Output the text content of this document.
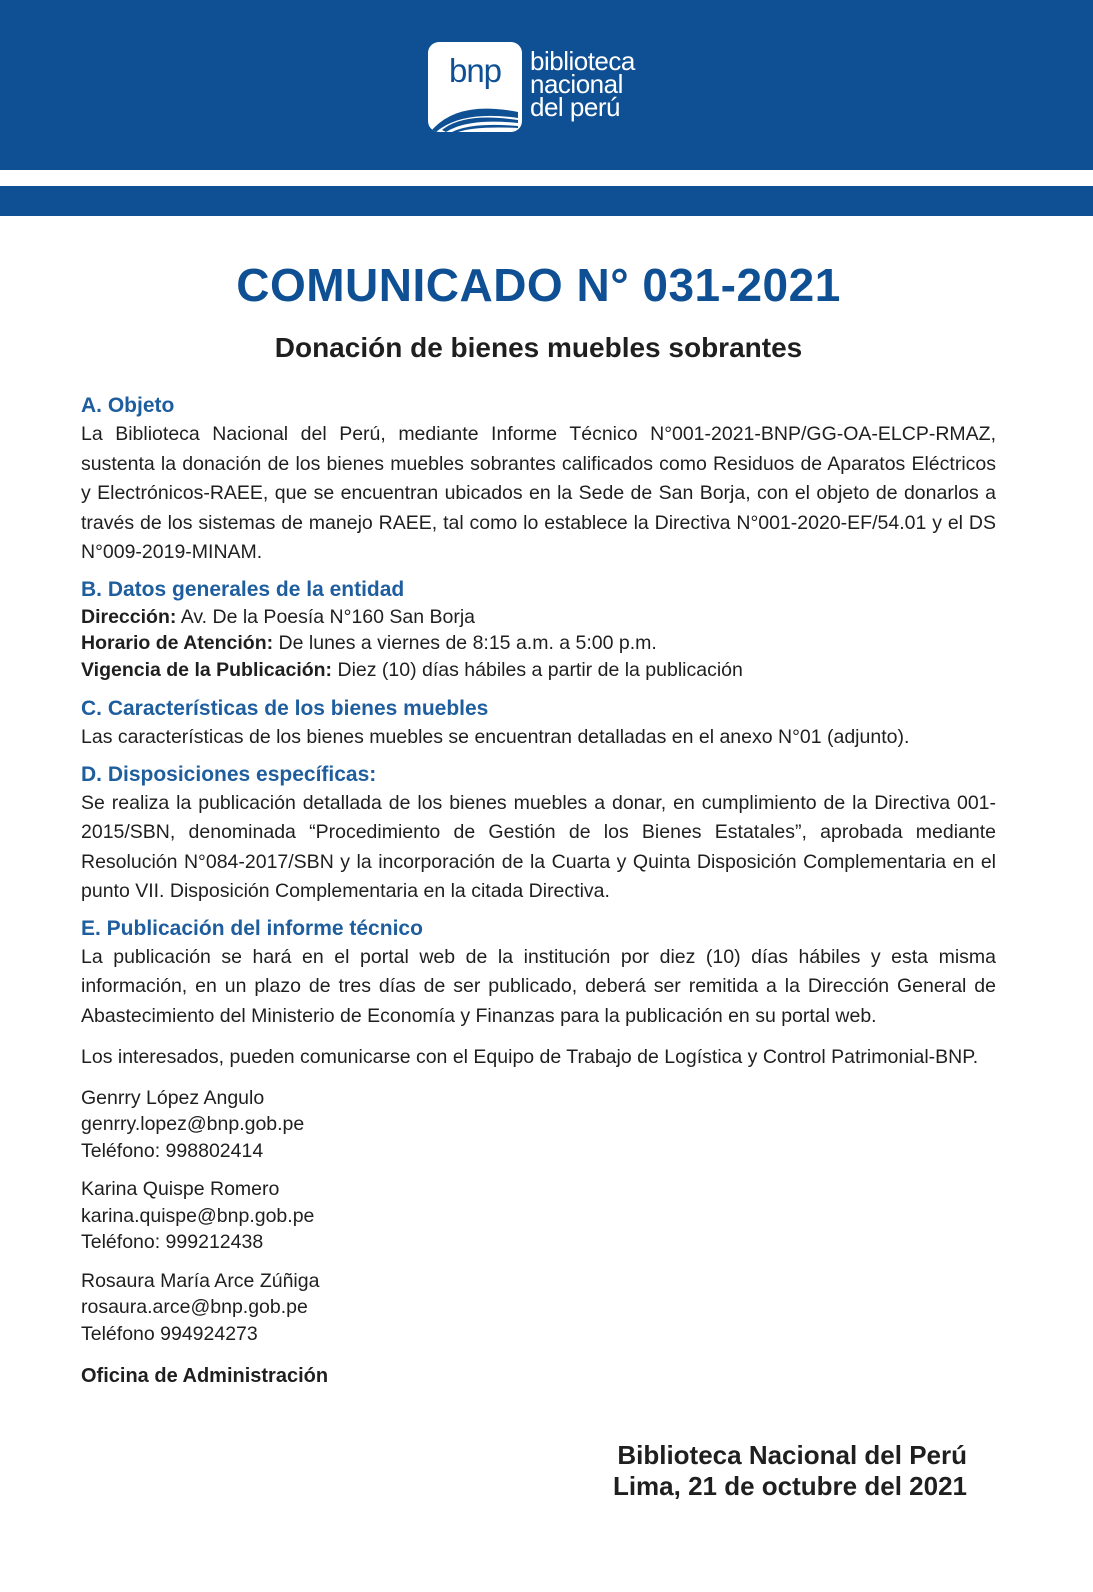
bnp	biblioteca
nacional
del perú
COMUNICADO N° 031-2021
Donación de bienes muebles sobrantes

A. Objeto

La Biblioteca Nacional del Perú, mediante Informe Técnico N°001-2021-BNP/GG-OA-ELCP-RMAZ, sustenta la donación de los bienes muebles sobrantes calificados como Residuos de Aparatos Eléctricos y Electrónicos-RAEE, que se encuentran ubicados en la Sede de San Borja, con el objeto de donarlos a través de los sistemas de manejo RAEE, tal como lo establece la Directiva N°001-2020-EF/54.01 y el DS N°009-2019-MINAM.

B. Datos generales de la entidad

Dirección: Av. De la Poesía N°160 San Borja

Horario de Atención: De lunes a viernes de 8:15 a.m. a 5:00 p.m.

Vigencia de la Publicación: Diez (10) días hábiles a partir de la publicación

C. Características de los bienes muebles

Las características de los bienes muebles se encuentran detalladas en el anexo N°01 (adjunto).

D. Disposiciones específicas:

Se realiza la publicación detallada de los bienes muebles a donar, en cumplimiento de la Directiva 001-2015/SBN, denominada “Procedimiento de Gestión de los Bienes Estatales”, aprobada mediante Resolución N°084-2017/SBN y la incorporación de la Cuarta y Quinta Disposición Complementaria en el punto VII. Disposición Complementaria en la citada Directiva.

E. Publicación del informe técnico

La publicación se hará en el portal web de la institución por diez (10) días hábiles y esta misma información, en un plazo de tres días de ser publicado, deberá ser remitida a la Dirección General de Abastecimiento del Ministerio de Economía y Finanzas para la publicación en su portal web.

Los interesados, pueden comunicarse con el Equipo de Trabajo de Logística y Control Patrimonial-BNP.

Genrry López Angulo

genrry.lopez@bnp.gob.pe

Teléfono: 998802414

Karina Quispe Romero

karina.quispe@bnp.gob.pe

Teléfono: 999212438

Rosaura María Arce Zúñiga

rosaura.arce@bnp.gob.pe

Teléfono 994924273

Oficina de Administración

Biblioteca Nacional del Perú
Lima, 21 de octubre del 2021
